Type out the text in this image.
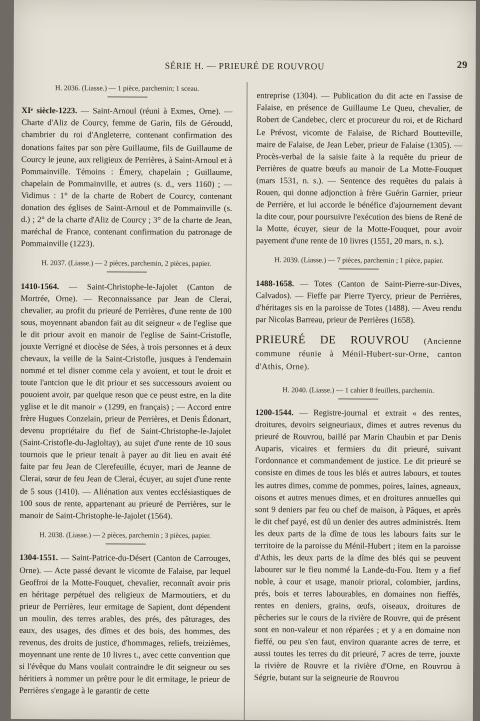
SÉRIE H. — PRIEURÉ DE ROUVROU	29
H. 2036. (Liasse.) — 1 pièce, parchemin; 1 sceau.

XIᵉ siècle-1223. — Saint-Arnoul (réuni à Exmes, Orne). — Charte d'Aliz de Courcy, femme de Garin, fils de Géroudd, chambrier du roi d'Angleterre, contenant confirmation des donations faites par son père Guillaume, fils de Guillaume de Courcy le jeune, aux religieux de Perrières, à Saint-Arnoul et à Pommainville. Témoins : Émery, chapelain ; Guillaume, chapelain de Pommainville, et autres (s. d., vers 1160) ; — Vidimus : 1° de la charte de Robert de Courcy, contenant donation des églises de Saint-Arnoul et de Pommainville (s. d.) ; 2° de la charte d'Aliz de Courcy ; 3° de la charte de Jean, maréchal de France, contenant confirmation du patronage de Pommainville (1223).

H. 2037. (Liasse.) — 2 pièces, parchemin, 2 pièces, papier.

1410-1564. — Saint-Christophe-le-Jajolet (Canton de Mortrée, Orne). — Reconnaissance par Jean de Clerai, chevalier, au profit du prieuré de Perrières, d'une rente de 100 sous, moyennant abandon fait au dit seigneur « de l'eglise que le dit priour avoit en manoir de l'eglise de Saint-Cristofle, jouxte Verrigné et diocèse de Sées, à trois personnes et à deux chevaux, la veille de la Saint-Cristofle, jusques à l'endemain nommé et tel disner comme cela y avoient, et tout le droit et toute l'antcion que le dit priour et ses successours avoient ou pouoient avoir, par quelque reson que ce peust estre, en la dite yglise et le dit manoir » (1299, en français) ; — Accord entre frère Hugues Conzelain, prieur de Perrières, et Denis Édonart, devenu propriétaire du fief de Saint-Christophe-le-Jajolet (Saint-Cristofle-du-Jagloltay), au sujet d'une rente de 10 sous tournois que le prieur tenait à payer au dit lieu en avait été faite par feu Jean de Clerefeuille, écuyer, mari de Jeanne de Clerai, sœur de feu Jean de Clerai, écuyer, au sujet d'une rente de 5 sous (1410). — Aliénation aux ventes ecclésiastiques de 100 sous de rente, appartenant au prieuré de Perrières, sur le manoir de Saint-Christophe-le-Jajolet (1564).

H. 2038. (Liasse.) — 2 pièces, parchemin ; 3 pièces, papier.

1304-1551. — Saint-Patrice-du-Désert (Canton de Carrouges, Orne). — Acte passé devant le vicomte de Falaise, par lequel Geoffroi de la Motte-Fouquet, chevalier, reconnaît avoir pris en héritage perpétuel des religieux de Marmoutiers, et du prieur de Perrières, leur ermitage de Sapient, dont dépendent un moulin, des terres arables, des prés, des pâturages, des eaux, des usages, des dîmes et des bois, des hommes, des revenus, des droits de justice, d'hommages, reliefs, treizièmes, moyennant une rente de 10 livres t., avec cette convention que si l'évêque du Mans voulait contraindre le dit seigneur ou ses héritiers à nommer un prêtre pour le dit ermitage, le prieur de Perrières s'engage à le garantir de cette

entreprise (1304). — Publication du dit acte en l'assise de Falaise, en présence de Guillaume Le Queu, chevalier, de Robert de Candebec, clerc et procureur du roi, et de Richard Le Prévost, vicomte de Falaise, de Richard Boutteville, maire de Falaise, de Jean Leber, prieur de Falaise (1305). — Procès-verbal de la saisie faite à la requête du prieur de Perrières de quatre bœufs au manoir de La Motte-Fouquet (mars 1531, n. s.). — Sentence des requêtes du palais à Rouen, qui donne adjonction à frère Guérin Garnier, prieur de Perrière, et lui accorde le bénéfice d'ajournement devant la dite cour, pour poursuivre l'exécution des biens de René de la Motte, écuyer, sieur de la Motte-Fouquet, pour avoir payement d'une rente de 10 livres (1551, 20 mars, n. s.).

H. 2039. (Liasse.) — 7 pièces, parchemin ; 1 pièce, papier.

1488-1658. — Totes (Canton de Saint-Pierre-sur-Dives, Calvados). — Fieffe par Pierre Tyercy, prieur de Perrières, d'héritages sis en la paroisse de Totes (1488). — Aveu rendu par Nicolas Barreau, prieur de Perrières (1658).

PRIEURÉ DE ROUVROU (Ancienne commune réunie à Ménil-Hubert-sur-Orne, canton d'Athis, Orne).

H. 2040. (Liasse.) — 1 cahier 8 feuillets, parchemin.

1200-1544. — Registre-journal et extrait « des rentes, droitures, devoirs seigneuriaux, dimes et autres revenus du prieuré de Rouvrou, baillé par Marin Chaubin et par Denis Auparis, vicaires et fermiers du dit prieuré, suivant l'ordonnance et commandement de justice. Le dit prieuré se consiste en dimes de tous les blés et autres labours, et toutes les autres dimes, comme de pommes, poires, laines, agneaux, oisons et autres menues dimes, et en droitures annuelles qui sont 9 deniers par feu ou chef de maison, à Pâques, et après le dit chef payé, est dû un denier des autres administrés. Item les deux parts de la dîme de tous les labours faits sur le territoire de la paroisse du Ménil-Hubert ; item en la paroisse d'Athis, les deux parts de la dîme des blés qui se peuvent labourer sur le fieu nommé la Lande-du-Fou. Item y a fief noble, à cour et usage, manoir prioral, colombier, jardins, prés, bois et terres labourables, en domaines non fieffés, rentes en deniers, grains, œufs, oiseaux, droitures de pêcheries sur le cours de la rivière de Rouvre, qui de présent sont en non-valeur et non réparées ; et y a en domaine non fieffé, ou peu s'en faut, environ quarante acres de terre, et aussi toutes les terres du dit prieuré, 7 acres de terre, jouxte la rivière de Rouvre et la rivière d'Orne, en Rouvrou à Ségrie, butant sur la seigneurie de Rouvrou
